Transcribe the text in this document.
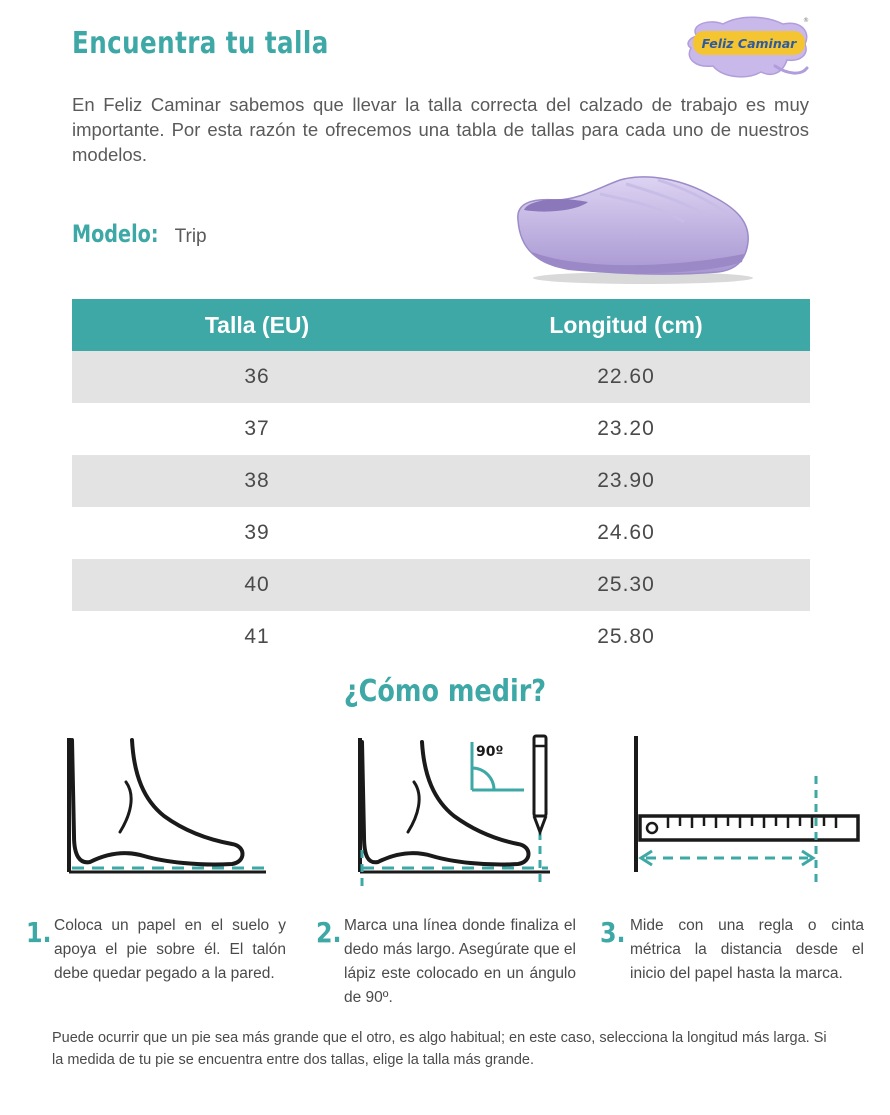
Encuentra tu talla	Feliz Caminar
®

En Feliz Caminar sabemos que llevar la talla correcta del calzado de trabajo es muy importante. Por esta razón te ofrecemos una tabla de tallas para cada uno de nuestros modelos.

Modelo: Trip
Talla (EU)	Longitud (cm)
36	22.60
37	23.20
38	23.90
39	24.60
40	25.30
41	25.80
¿Cómo medir?
90º
1. Coloca un papel en el suelo y apoya el pie sobre él. El talón debe quedar pegado a la pared.

2. Marca una línea donde finaliza el dedo más largo. Asegúrate que el lápiz este colocado en un ángulo de 90º.

3. Mide con una regla o cinta métrica la distancia desde el inicio del papel hasta la marca.

Puede ocurrir que un pie sea más grande que el otro, es algo habitual; en este caso, selecciona la longitud más larga. Si la medida de tu pie se encuentra entre dos tallas, elige la talla más grande.
